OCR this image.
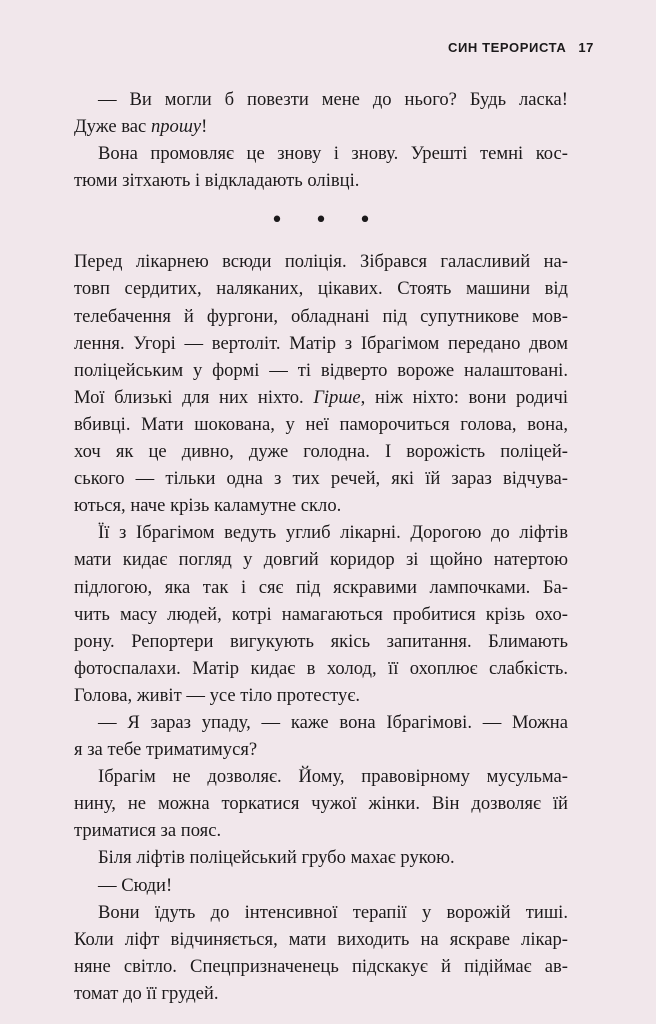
СИН ТЕРОРИСТА 17
— Ви могли б повезти мене до нього? Будь ласка!
Дуже вас прошу!
Вона промовляє це знову і знову. Урешті темні кос-
тюми зітхають і відкладають олівці.
• • •
Перед лікарнею всюди поліція. Зібрався галасливий на-
товп сердитих, наляканих, цікавих. Стоять машини від
телебачення й фургони, обладнані під супутникове мов-
лення. Угорі — вертоліт. Матір з Ібрагімом передано двом
поліцейським у формі — ті відверто вороже налаштовані.
Мої близькі для них ніхто. Гірше, ніж ніхто: вони родичі
вбивці. Мати шокована, у неї паморочиться голова, вона,
хоч як це дивно, дуже голодна. І ворожість поліцей-
ського — тільки одна з тих речей, які їй зараз відчува-
ються, наче крізь каламутне скло.
Її з Ібрагімом ведуть углиб лікарні. Дорогою до ліфтів
мати кидає погляд у довгий коридор зі щойно натертою
підлогою, яка так і сяє під яскравими лампочками. Ба-
чить масу людей, котрі намагаються пробитися крізь охо-
рону. Репортери вигукують якісь запитання. Блимають
фотоспалахи. Матір кидає в холод, її охоплює слабкість.
Голова, живіт — усе тіло протестує.
— Я зараз упаду, — каже вона Ібрагімові. — Можна
я за тебе триматимуся?
Ібрагім не дозволяє. Йому, правовірному мусульма-
нину, не можна торкатися чужої жінки. Він дозволяє їй
триматися за пояс.
Біля ліфтів поліцейський грубо махає рукою.
— Сюди!
Вони їдуть до інтенсивної терапії у ворожій тиші.
Коли ліфт відчиняється, мати виходить на яскраве лікар-
няне світло. Спецпризначенець підскакує й підіймає ав-
томат до її грудей.
